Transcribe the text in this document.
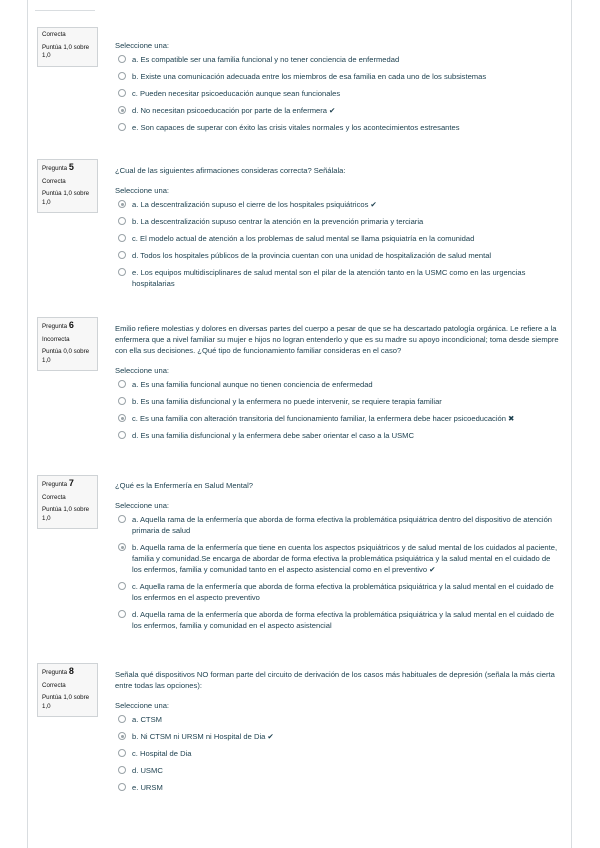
Correcta
Puntúa 1,0 sobre 1,0
Seleccione una:
a. Es compatible ser una familia funcional y no tener conciencia de enfermedad
b. Existe una comunicación adecuada entre los miembros de esa familia en cada uno de los subsistemas
c. Pueden necesitar psicoeducación aunque sean funcionales
d. No necesitan psicoeducación por parte de la enfermera ✔
e. Son capaces de superar con éxito las crisis vitales normales y los acontecimientos estresantes
Pregunta 5
Correcta
Puntúa 1,0 sobre 1,0
¿Cual de las siguientes afirmaciones consideras correcta? Señálala:
Seleccione una:
a. La descentralización supuso el cierre de los hospitales psiquiátricos ✔
b. La descentralización supuso centrar la atención en la prevención primaria y terciaria
c. El modelo actual de atención a los problemas de salud mental se llama psiquiatría en la comunidad
d. Todos los hospitales públicos de la provincia cuentan con una unidad de hospitalización de salud mental
e. Los equipos multidisciplinares de salud mental son el pilar de la atención tanto en la USMC como en las urgencias hospitalarias
Pregunta 6
Incorrecta
Puntúa 0,0 sobre 1,0
Emilio refiere molestias y dolores en diversas partes del cuerpo a pesar de que se ha descartado patología orgánica. Le refiere a la enfermera que a nivel familiar su mujer e hijos no logran entenderlo y que es su madre su apoyo incondicional; toma desde siempre con ella sus decisiones. ¿Qué tipo de funcionamiento familiar consideras en el caso?
Seleccione una:
a. Es una familia funcional aunque no tienen conciencia de enfermedad
b. Es una familia disfuncional y la enfermera no puede intervenir, se requiere terapia familiar
c. Es una familia con alteración transitoria del funcionamiento familiar, la enfermera debe hacer psicoeducación ✖
d. Es una familia disfuncional y la enfermera debe saber orientar el caso a la USMC
Pregunta 7
Correcta
Puntúa 1,0 sobre 1,0
¿Qué es la Enfermería en Salud Mental?
Seleccione una:
a. Aquella rama de la enfermería que aborda de forma efectiva la problemática psiquiátrica dentro del dispositivo de atención primaria de salud
b. Aquella rama de la enfermería que tiene en cuenta los aspectos psiquiátricos y de salud mental de los cuidados al paciente, familia y comunidad.Se encarga de abordar de forma efectiva la problemática psiquiátrica y la salud mental en el cuidado de los enfermos, familia y comunidad tanto en el aspecto asistencial como en el preventivo ✔
c. Aquella rama de la enfermería que aborda de forma efectiva la problemática psiquiátrica y la salud mental en el cuidado de los enfermos en el aspecto preventivo
d. Aquella rama de la enfermería que aborda de forma efectiva la problemática psiquiátrica y la salud mental en el cuidado de los enfermos, familia y comunidad en el aspecto asistencial
Pregunta 8
Correcta
Puntúa 1,0 sobre 1,0
Señala qué dispositivos NO forman parte del circuito de derivación de los casos más habituales de depresión (señala la más cierta entre todas las opciones):
Seleccione una:
a. CTSM
b. Ni CTSM ni URSM ni Hospital de Dia ✔
c. Hospital de Dia
d. USMC
e. URSM
